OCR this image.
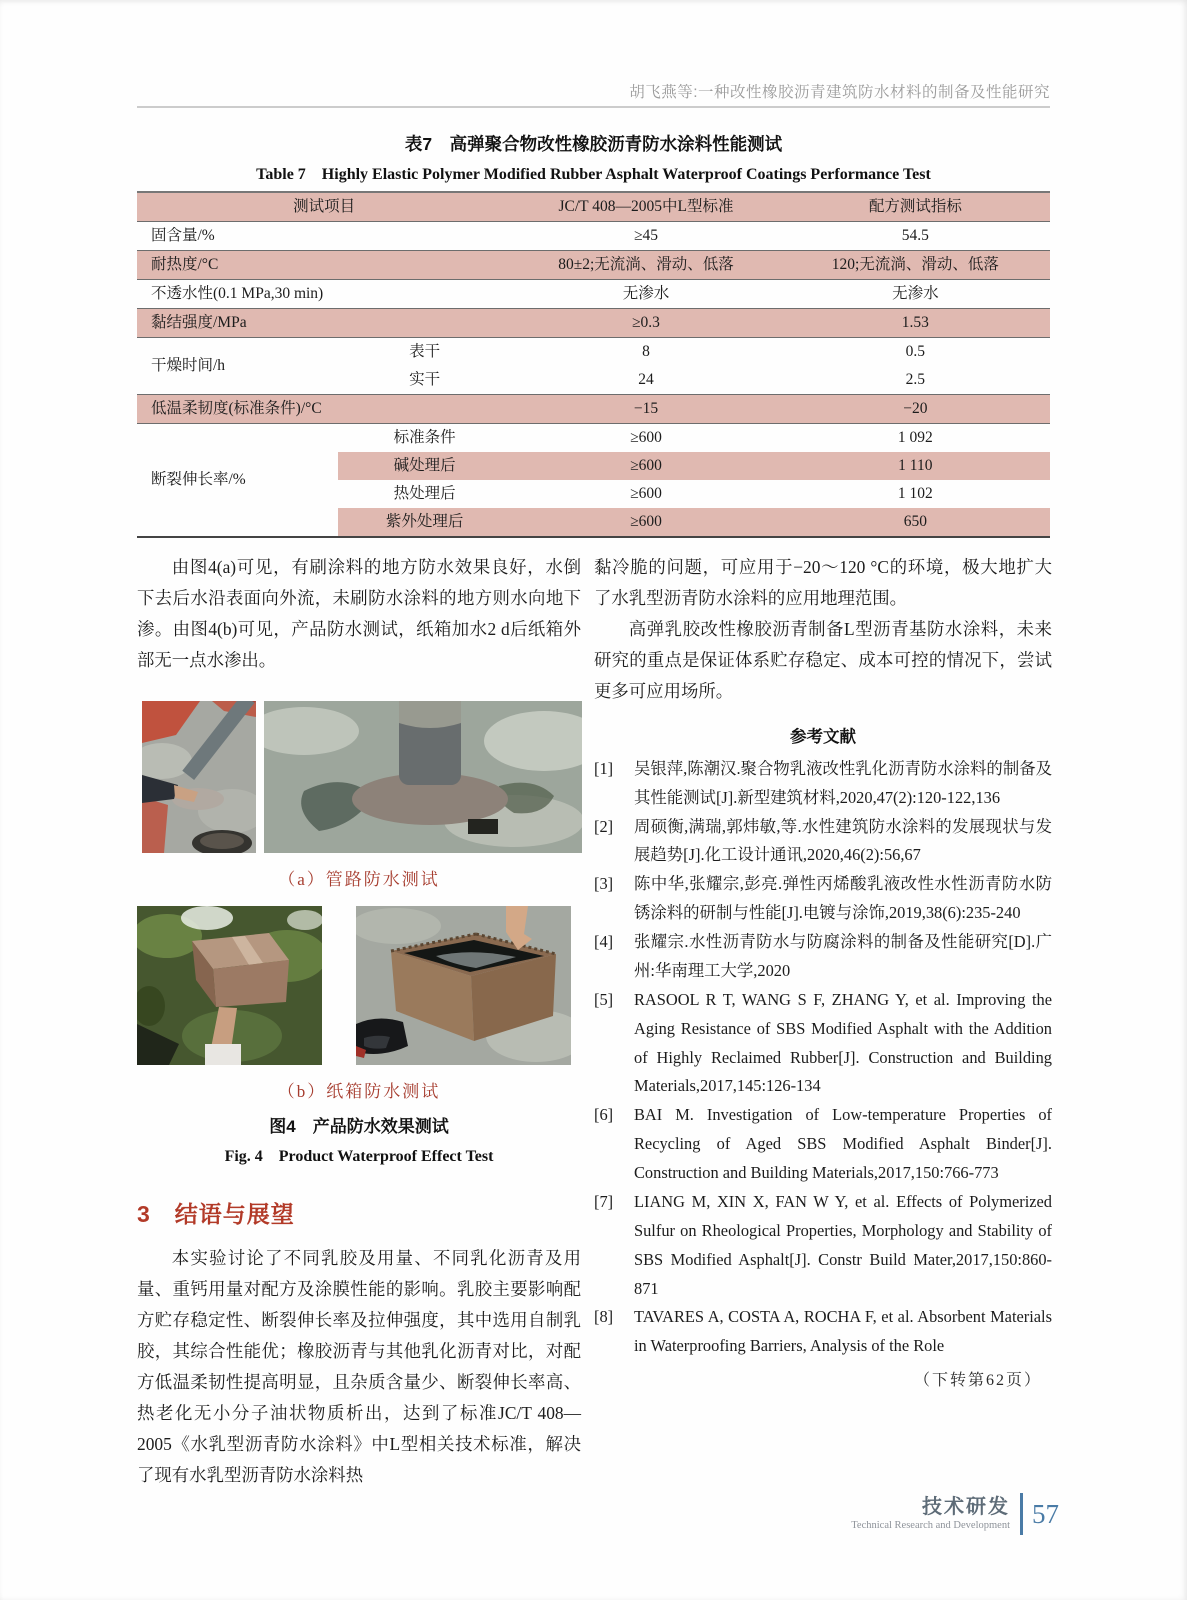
胡飞燕等:一种改性橡胶沥青建筑防水材料的制备及性能研究
表7　高弹聚合物改性橡胶沥青防水涂料性能测试
Table 7　Highly Elastic Polymer Modified Rubber Asphalt Waterproof Coatings Performance Test
测试项目		JC/T 408—2005中L型标准	配方测试指标
固含量/%		≥45	54.5
耐热度/°C		80±2;无流淌、滑动、低落	120;无流淌、滑动、低落
不透水性(0.1 MPa,30 min)		无渗水	无渗水
黏结强度/MPa		≥0.3	1.53
干燥时间/h	表干	8	0.5
	实干	24	2.5
低温柔韧度(标准条件)/°C		−15	−20
断裂伸长率/%	标准条件	≥600	1 092
	碱处理后	≥600	1 110
	热处理后	≥600	1 102
	紫外处理后	≥600	650

由图4(a)可见，有刷涂料的地方防水效果良好，水倒下去后水沿表面向外流，未刷防水涂料的地方则水向地下渗。由图4(b)可见，产品防水测试，纸箱加水2 d后纸箱外部无一点水渗出。

（a）管路防水测试
（b）纸箱防水测试
图4　产品防水效果测试
Fig. 4　Product Waterproof Effect Test
3　结语与展望

本实验讨论了不同乳胶及用量、不同乳化沥青及用量、重钙用量对配方及涂膜性能的影响。乳胶主要影响配方贮存稳定性、断裂伸长率及拉伸强度，其中选用自制乳胶，其综合性能优；橡胶沥青与其他乳化沥青对比，对配方低温柔韧性提高明显，且杂质含量少、断裂伸长率高、热老化无小分子油状物质析出，达到了标准JC/T 408—2005《水乳型沥青防水涂料》中L型相关技术标准，解决了现有水乳型沥青防水涂料热

黏冷脆的问题，可应用于−20～120 °C的环境，极大地扩大了水乳型沥青防水涂料的应用地理范围。

高弹乳胶改性橡胶沥青制备L型沥青基防水涂料，未来研究的重点是保证体系贮存稳定、成本可控的情况下，尝试更多可应用场所。

参考文献
[1]	吴银萍,陈潮汉.聚合物乳液改性乳化沥青防水涂料的制备及其性能测试[J].新型建筑材料,2020,47(2):120-122,136
[2]	周硕衡,满瑞,郭炜敏,等.水性建筑防水涂料的发展现状与发展趋势[J].化工设计通讯,2020,46(2):56,67
[3]	陈中华,张耀宗,彭亮.弹性丙烯酸乳液改性水性沥青防水防锈涂料的研制与性能[J].电镀与涂饰,2019,38(6):235-240
[4]	张耀宗.水性沥青防水与防腐涂料的制备及性能研究[D].广州:华南理工大学,2020
[5]	RASOOL R T, WANG S F, ZHANG Y, et al. Improving the Aging Resistance of SBS Modified Asphalt with the Addition of Highly Reclaimed Rubber[J]. Construction and Building Materials,2017,145:126-134
[6]	BAI M. Investigation of Low-temperature Properties of Recycling of Aged SBS Modified Asphalt Binder[J]. Construction and Building Materials,2017,150:766-773
[7]	LIANG M, XIN X, FAN W Y, et al. Effects of Polymerized Sulfur on Rheological Properties, Morphology and Stability of SBS Modified Asphalt[J]. Constr Build Mater,2017,150:860-871
[8]	TAVARES A, COSTA A, ROCHA F, et al. Absorbent Materials in Waterproofing Barriers, Analysis of the Role
（下转第62页）
技术研发
Technical Research and Development 57
